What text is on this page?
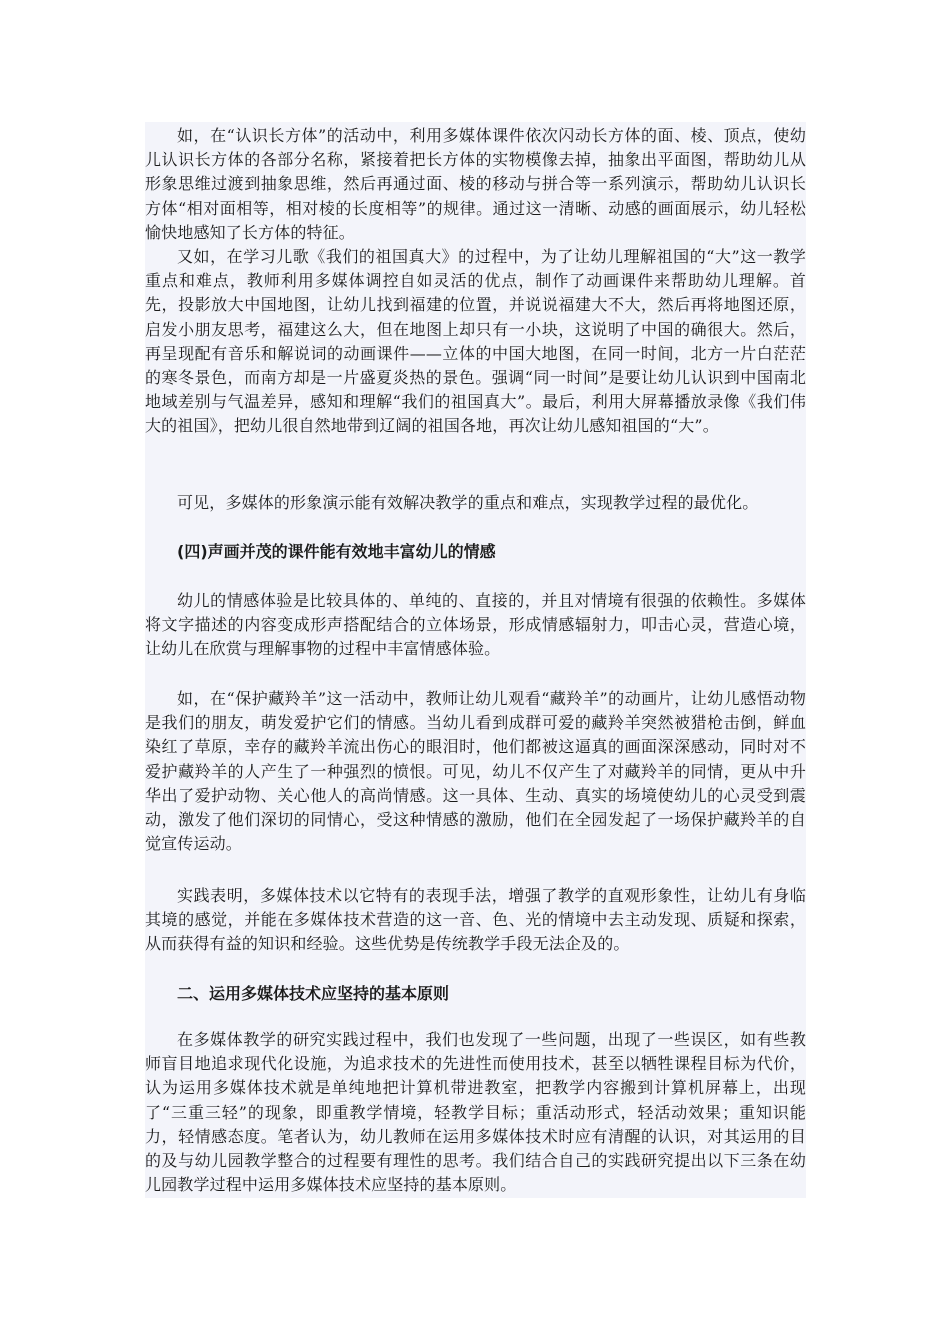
如，在“认识长方体”的活动中，利用多媒体课件依次闪动长方体的面、棱、顶点，使幼儿认识长方体的各部分名称，紧接着把长方体的实物模像去掉，抽象出平面图，帮助幼儿从形象思维过渡到抽象思维，然后再通过面、棱的移动与拼合等一系列演示，帮助幼儿认识长方体“相对面相等，相对棱的长度相等”的规律。通过这一清晰、动感的画面展示，幼儿轻松愉快地感知了长方体的特征。

又如，在学习儿歌《我们的祖国真大》的过程中，为了让幼儿理解祖国的“大”这一教学重点和难点，教师利用多媒体调控自如灵活的优点，制作了动画课件来帮助幼儿理解。首先，投影放大中国地图，让幼儿找到福建的位置，并说说福建大不大，然后再将地图还原，启发小朋友思考，福建这么大，但在地图上却只有一小块，这说明了中国的确很大。然后，再呈现配有音乐和解说词的动画课件——立体的中国大地图，在同一时间，北方一片白茫茫的寒冬景色，而南方却是一片盛夏炎热的景色。强调“同一时间”是要让幼儿认识到中国南北地域差别与气温差异，感知和理解“我们的祖国真大”。最后，利用大屏幕播放录像《我们伟大的祖国》，把幼儿很自然地带到辽阔的祖国各地，再次让幼儿感知祖国的“大”。

可见，多媒体的形象演示能有效解决教学的重点和难点，实现教学过程的最优化。

(四)声画并茂的课件能有效地丰富幼儿的情感

幼儿的情感体验是比较具体的、单纯的、直接的，并且对情境有很强的依赖性。多媒体将文字描述的内容变成形声搭配结合的立体场景，形成情感辐射力，叩击心灵，营造心境，让幼儿在欣赏与理解事物的过程中丰富情感体验。

如，在“保护藏羚羊”这一活动中，教师让幼儿观看“藏羚羊”的动画片，让幼儿感悟动物是我们的朋友，萌发爱护它们的情感。当幼儿看到成群可爱的藏羚羊突然被猎枪击倒，鲜血染红了草原，幸存的藏羚羊流出伤心的眼泪时，他们都被这逼真的画面深深感动，同时对不爱护藏羚羊的人产生了一种强烈的愤恨。可见，幼儿不仅产生了对藏羚羊的同情，更从中升华出了爱护动物、关心他人的高尚情感。这一具体、生动、真实的场境使幼儿的心灵受到震动，激发了他们深切的同情心，受这种情感的激励，他们在全园发起了一场保护藏羚羊的自觉宣传运动。

实践表明，多媒体技术以它特有的表现手法，增强了教学的直观形象性，让幼儿有身临其境的感觉，并能在多媒体技术营造的这一音、色、光的情境中去主动发现、质疑和探索，从而获得有益的知识和经验。这些优势是传统教学手段无法企及的。

二、运用多媒体技术应坚持的基本原则

在多媒体教学的研究实践过程中，我们也发现了一些问题，出现了一些误区，如有些教师盲目地追求现代化设施，为追求技术的先进性而使用技术，甚至以牺牲课程目标为代价，认为运用多媒体技术就是单纯地把计算机带进教室，把教学内容搬到计算机屏幕上，出现了“三重三轻”的现象，即重教学情境，轻教学目标；重活动形式，轻活动效果；重知识能力，轻情感态度。笔者认为，幼儿教师在运用多媒体技术时应有清醒的认识，对其运用的目的及与幼儿园教学整合的过程要有理性的思考。我们结合自己的实践研究提出以下三条在幼儿园教学过程中运用多媒体技术应坚持的基本原则。
